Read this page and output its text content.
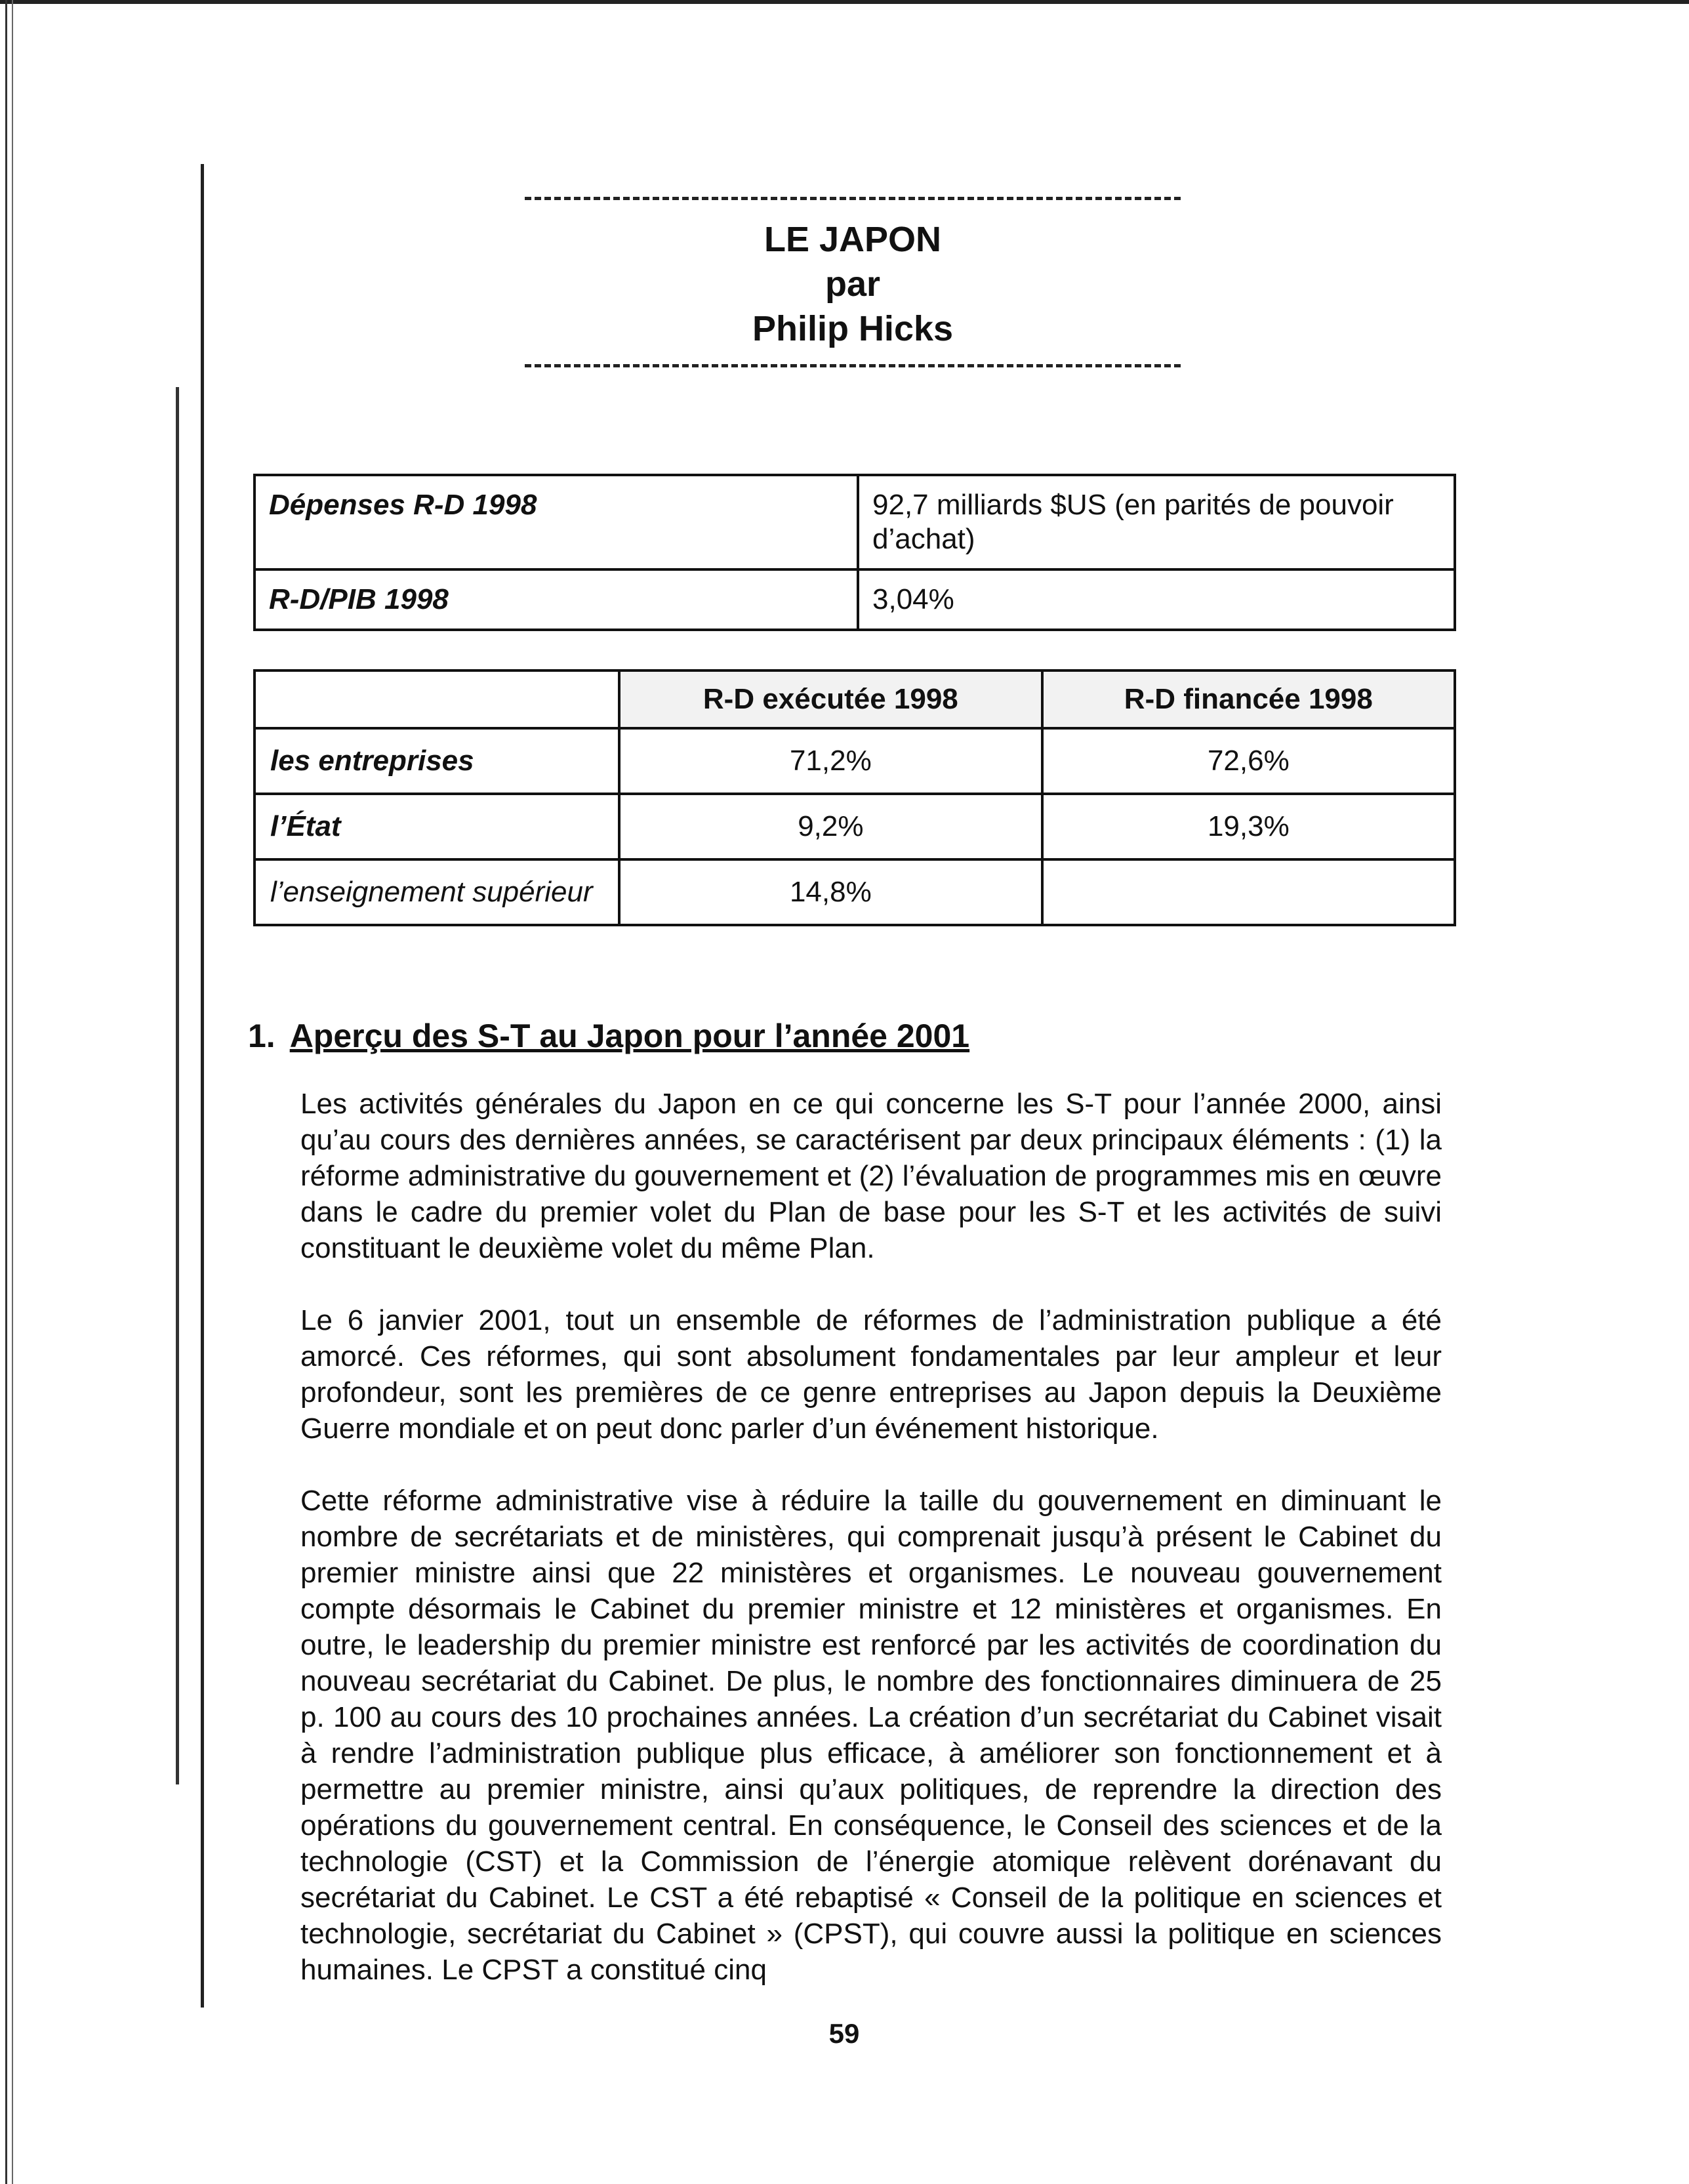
LE JAPON
par
Philip Hicks
Dépenses R-D 1998	92,7 milliards $US (en parités de pouvoir d’achat)
R-D/PIB 1998	3,04%
	R-D exécutée 1998	R-D financée 1998
les entreprises	71,2%	72,6%
l’État	9,2%	19,3%
l’enseignement supérieur	14,8%	
1. Aperçu des S-T au Japon pour l’année 2001

Les activités générales du Japon en ce qui concerne les S-T pour l’année 2000, ainsi qu’au cours des dernières années, se caractérisent par deux principaux éléments : (1) la réforme administrative du gouvernement et (2) l’évaluation de programmes mis en œuvre dans le cadre du premier volet du Plan de base pour les S-T et les activités de suivi constituant le deuxième volet du même Plan.

Le 6 janvier 2001, tout un ensemble de réformes de l’administration publique a été amorcé. Ces réformes, qui sont absolument fondamentales par leur ampleur et leur profondeur, sont les premières de ce genre entreprises au Japon depuis la Deuxième Guerre mondiale et on peut donc parler d’un événement historique.

Cette réforme administrative vise à réduire la taille du gouvernement en diminuant le nombre de secrétariats et de ministères, qui comprenait jusqu’à présent le Cabinet du premier ministre ainsi que 22 ministères et organismes. Le nouveau gouvernement compte désormais le Cabinet du premier ministre et 12 ministères et organismes. En outre, le leadership du premier ministre est renforcé par les activités de coordination du nouveau secrétariat du Cabinet. De plus, le nombre des fonctionnaires diminuera de 25 p. 100 au cours des 10 prochaines années. La création d’un secrétariat du Cabinet visait à rendre l’administration publique plus efficace, à améliorer son fonctionnement et à permettre au premier ministre, ainsi qu’aux politiques, de reprendre la direction des opérations du gouvernement central. En conséquence, le Conseil des sciences et de la technologie (CST) et la Commission de l’énergie atomique relèvent dorénavant du secrétariat du Cabinet. Le CST a été rebaptisé « Conseil de la politique en sciences et technologie, secrétariat du Cabinet » (CPST), qui couvre aussi la politique en sciences humaines. Le CPST a constitué cinq

59
